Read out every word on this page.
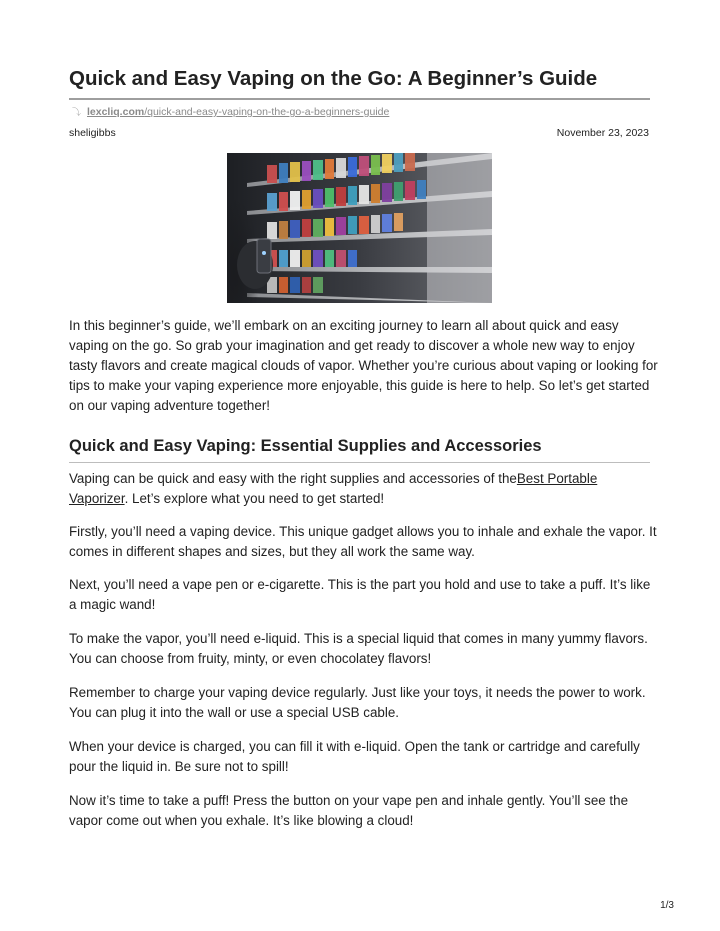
Quick and Easy Vaping on the Go: A Beginner’s Guide
⤵ lexcliq.com/quick-and-easy-vaping-on-the-go-a-beginners-guide
sheligibbs	November 23, 2023

In this beginner’s guide, we’ll embark on an exciting journey to learn all about quick and easy vaping on the go. So grab your imagination and get ready to discover a whole new way to enjoy tasty flavors and create magical clouds of vapor. Whether you’re curious about vaping or looking for tips to make your vaping experience more enjoyable, this guide is here to help. So let’s get started on our vaping adventure together!

Quick and Easy Vaping: Essential Supplies and Accessories

Vaping can be quick and easy with the right supplies and accessories of theBest Portable Vaporizer. Let’s explore what you need to get started!

Firstly, you’ll need a vaping device. This unique gadget allows you to inhale and exhale the vapor. It comes in different shapes and sizes, but they all work the same way.

Next, you’ll need a vape pen or e-cigarette. This is the part you hold and use to take a puff. It’s like a magic wand!

To make the vapor, you’ll need e-liquid. This is a special liquid that comes in many yummy flavors. You can choose from fruity, minty, or even chocolatey flavors!

Remember to charge your vaping device regularly. Just like your toys, it needs the power to work. You can plug it into the wall or use a special USB cable.

When your device is charged, you can fill it with e-liquid. Open the tank or cartridge and carefully pour the liquid in. Be sure not to spill!

Now it’s time to take a puff! Press the button on your vape pen and inhale gently. You’ll see the vapor come out when you exhale. It’s like blowing a cloud!

1/3
